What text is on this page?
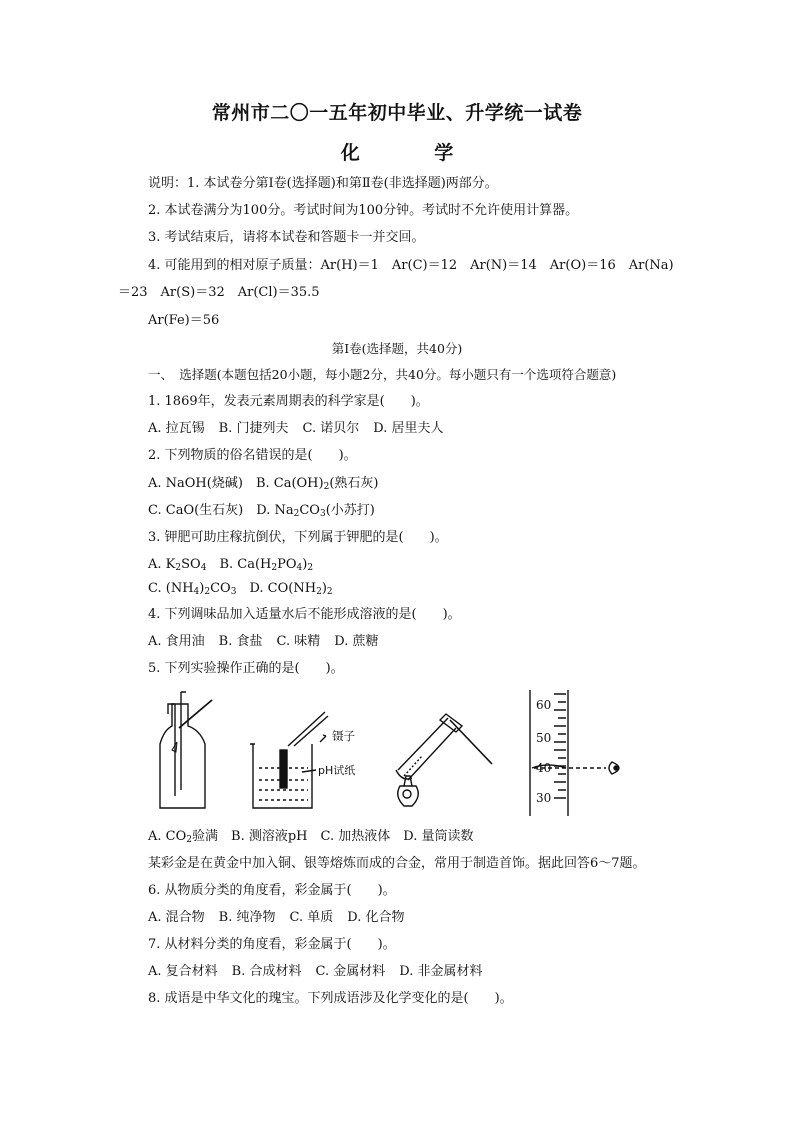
常州市二〇一五年初中毕业、升学统一试卷
化 学
说明：1. 本试卷分第Ⅰ卷(选择题)和第Ⅱ卷(非选择题)两部分。
2. 本试卷满分为100分。考试时间为100分钟。考试时不允许使用计算器。
3. 考试结束后，请将本试卷和答题卡一并交回。
4. 可能用到的相对原子质量：Ar(H)＝1　Ar(C)＝12　Ar(N)＝14　Ar(O)＝16　Ar(Na)
＝23　Ar(S)＝32　Ar(Cl)＝35.5
Ar(Fe)＝56
第Ⅰ卷(选择题，共40分)
一、　选择题(本题包括20小题，每小题2分，共40分。每小题只有一个选项符合题意)
1. 1869年，发表元素周期表的科学家是(　　)。
A. 拉瓦锡 B. 门捷列夫 C. 诺贝尔 D. 居里夫人
2. 下列物质的俗名错误的是(　　)。
A. NaOH(烧碱)　 B. $Ca(OH)_2$(熟石灰)
C. CaO(生石灰)　 D. $Na_2CO_3$(小苏打)
3. 钾肥可助庄稼抗倒伏，下列属于钾肥的是(　　)。
A. $K_2SO_4$　 B. $Ca(H_2PO_4)_2$
C. $(NH_4)_2CO_3$　 D. $CO(NH_2)_2$
4. 下列调味品加入适量水后不能形成溶液的是(　　)。
A. 食用油 B. 食盐 C. 味精 D. 蔗糖
5. 下列实验操作正确的是(　　)。
镊子
pH试纸
60
50
40
30
A. $CO_2$验满　 B. 测溶液pH　 C. 加热液体　 D. 量筒读数
某彩金是在黄金中加入铜、银等熔炼而成的合金，常用于制造首饰。据此回答6～7题。
6. 从物质分类的角度看，彩金属于(　　)。
A. 混合物 B. 纯净物 C. 单质 D. 化合物
7. 从材料分类的角度看，彩金属于(　　)。
A. 复合材料 B. 合成材料 C. 金属材料 D. 非金属材料
8. 成语是中华文化的瑰宝。下列成语涉及化学变化的是(　　)。
